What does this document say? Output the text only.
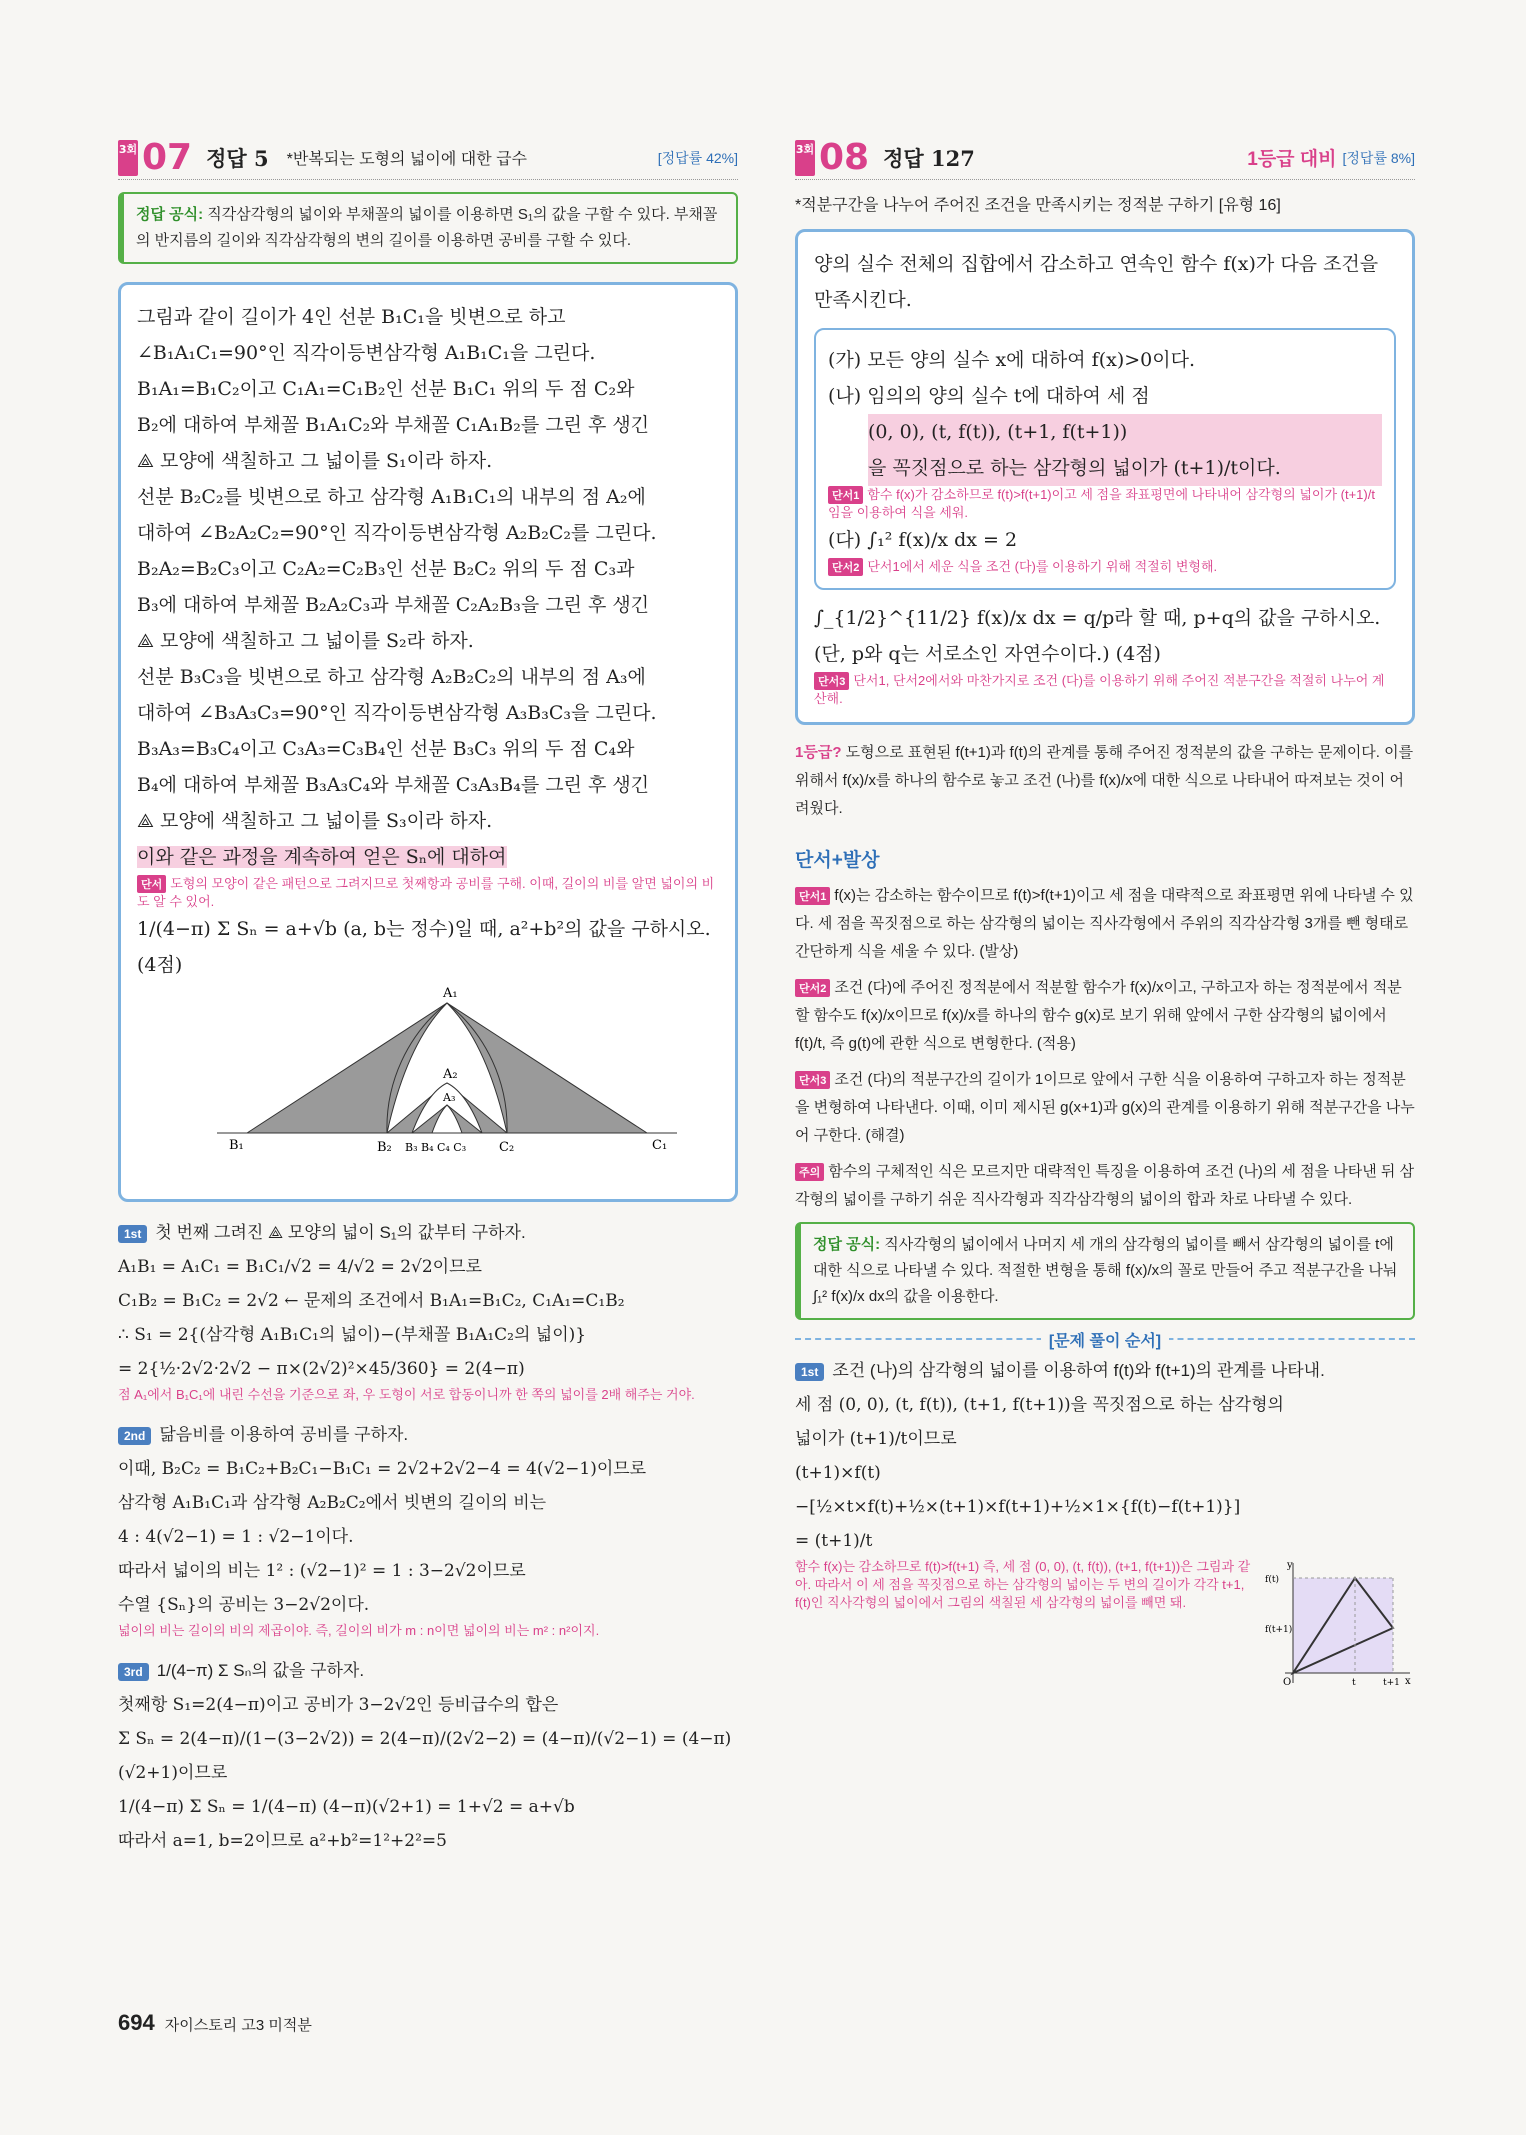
3회 07 정답 5 *반복되는 도형의 넓이에 대한 급수	[정답률 42%]
정답 공식: 직각삼각형의 넓이와 부채꼴의 넓이를 이용하면 S₁의 값을 구할 수 있다. 부채꼴의 반지름의 길이와 직각삼각형의 변의 길이를 이용하면 공비를 구할 수 있다.
그림과 같이 길이가 4인 선분 B₁C₁을 빗변으로 하고
∠B₁A₁C₁=90°인 직각이등변삼각형 A₁B₁C₁을 그린다.
B₁A₁=B₁C₂이고 C₁A₁=C₁B₂인 선분 B₁C₁ 위의 두 점 C₂와
B₂에 대하여 부채꼴 B₁A₁C₂와 부채꼴 C₁A₁B₂를 그린 후 생긴
⟁ 모양에 색칠하고 그 넓이를 S₁이라 하자.
선분 B₂C₂를 빗변으로 하고 삼각형 A₁B₁C₁의 내부의 점 A₂에
대하여 ∠B₂A₂C₂=90°인 직각이등변삼각형 A₂B₂C₂를 그린다.
B₂A₂=B₂C₃이고 C₂A₂=C₂B₃인 선분 B₂C₂ 위의 두 점 C₃과
B₃에 대하여 부채꼴 B₂A₂C₃과 부채꼴 C₂A₂B₃을 그린 후 생긴
⟁ 모양에 색칠하고 그 넓이를 S₂라 하자.
선분 B₃C₃을 빗변으로 하고 삼각형 A₂B₂C₂의 내부의 점 A₃에
대하여 ∠B₃A₃C₃=90°인 직각이등변삼각형 A₃B₃C₃을 그린다.
B₃A₃=B₃C₄이고 C₃A₃=C₃B₄인 선분 B₃C₃ 위의 두 점 C₄와
B₄에 대하여 부채꼴 B₃A₃C₄와 부채꼴 C₃A₃B₄를 그린 후 생긴
⟁ 모양에 색칠하고 그 넓이를 S₃이라 하자.
이와 같은 과정을 계속하여 얻은 Sₙ에 대하여
단서 도형의 모양이 같은 패턴으로 그려지므로 첫째항과 공비를 구해. 이때, 길이의 비를 알면 넓이의 비도 알 수 있어.
1/(4−π) Σ Sₙ = a+√b (a, b는 정수)일 때, a²+b²의 값을 구하시오. (4점)
A₁
A₂
A₃
B₁	B₂ B₃ B₄ C₄ C₃	C₂	C₁
1st 첫 번째 그려진 ⟁ 모양의 넓이 S₁의 값부터 구하자.
A₁B₁ = A₁C₁ = B₁C₁/√2 = 4/√2 = 2√2이므로
C₁B₂ = B₁C₂ = 2√2 ← 문제의 조건에서 B₁A₁=B₁C₂, C₁A₁=C₁B₂
∴ S₁ = 2{(삼각형 A₁B₁C₁의 넓이)−(부채꼴 B₁A₁C₂의 넓이)}
= 2{½·2√2·2√2 − π×(2√2)²×45/360} = 2(4−π)
점 A₁에서 B₁C₁에 내린 수선을 기준으로 좌, 우 도형이 서로 합동이니까 한 쪽의 넓이를 2배 해주는 거야.
2nd 닮음비를 이용하여 공비를 구하자.
이때, B₂C₂ = B₁C₂+B₂C₁−B₁C₁ = 2√2+2√2−4 = 4(√2−1)이므로
삼각형 A₁B₁C₁과 삼각형 A₂B₂C₂에서 빗변의 길이의 비는
4 : 4(√2−1) = 1 : √2−1이다.
따라서 넓이의 비는 1² : (√2−1)² = 1 : 3−2√2이므로
수열 {Sₙ}의 공비는 3−2√2이다.
넓이의 비는 길이의 비의 제곱이야. 즉, 길이의 비가 m : n이면 넓이의 비는 m² : n²이지.
3rd 1/(4−π) Σ Sₙ의 값을 구하자.
첫째항 S₁=2(4−π)이고 공비가 3−2√2인 등비급수의 합은
Σ Sₙ = 2(4−π)/(1−(3−2√2)) = 2(4−π)/(2√2−2) = (4−π)/(√2−1) = (4−π)(√2+1)이므로
1/(4−π) Σ Sₙ = 1/(4−π) (4−π)(√2+1) = 1+√2 = a+√b
따라서 a=1, b=2이므로 a²+b²=1²+2²=5
3회 08 정답 127	1등급 대비 [정답률 8%]
*적분구간을 나누어 주어진 조건을 만족시키는 정적분 구하기 [유형 16]
양의 실수 전체의 집합에서 감소하고 연속인 함수 f(x)가 다음 조건을 만족시킨다.
(가) 모든 양의 실수 x에 대하여 f(x)>0이다.
(나) 임의의 양의 실수 t에 대하여 세 점
(0, 0), (t, f(t)), (t+1, f(t+1))
을 꼭짓점으로 하는 삼각형의 넓이가 (t+1)/t이다.
단서1 함수 f(x)가 감소하므로 f(t)>f(t+1)이고 세 점을 좌표평면에 나타내어 삼각형의 넓이가 (t+1)/t임을 이용하여 식을 세워.
(다) ∫₁² f(x)/x dx = 2
단서2 단서1에서 세운 식을 조건 (다)를 이용하기 위해 적절히 변형해.
∫_{1/2}^{11/2} f(x)/x dx = q/p라 할 때, p+q의 값을 구하시오. (단, p와 q는 서로소인 자연수이다.) (4점)
단서3 단서1, 단서2에서와 마찬가지로 조건 (다)를 이용하기 위해 주어진 적분구간을 적절히 나누어 계산해.
1등급? 도형으로 표현된 f(t+1)과 f(t)의 관계를 통해 주어진 정적분의 값을 구하는 문제이다. 이를 위해서 f(x)/x를 하나의 함수로 놓고 조건 (나)를 f(x)/x에 대한 식으로 나타내어 따져보는 것이 어려웠다.
단서+발상
단서1 f(x)는 감소하는 함수이므로 f(t)>f(t+1)이고 세 점을 대략적으로 좌표평면 위에 나타낼 수 있다. 세 점을 꼭짓점으로 하는 삼각형의 넓이는 직사각형에서 주위의 직각삼각형 3개를 뺀 형태로 간단하게 식을 세울 수 있다. (발상)
단서2 조건 (다)에 주어진 정적분에서 적분할 함수가 f(x)/x이고, 구하고자 하는 정적분에서 적분할 함수도 f(x)/x이므로 f(x)/x를 하나의 함수 g(x)로 보기 위해 앞에서 구한 삼각형의 넓이에서 f(t)/t, 즉 g(t)에 관한 식으로 변형한다. (적용)
단서3 조건 (다)의 적분구간의 길이가 1이므로 앞에서 구한 식을 이용하여 구하고자 하는 정적분을 변형하여 나타낸다. 이때, 이미 제시된 g(x+1)과 g(x)의 관계를 이용하기 위해 적분구간을 나누어 구한다. (해결)
주의 함수의 구체적인 식은 모르지만 대략적인 특징을 이용하여 조건 (나)의 세 점을 나타낸 뒤 삼각형의 넓이를 구하기 쉬운 직사각형과 직각삼각형의 넓이의 합과 차로 나타낼 수 있다.
정답 공식: 직사각형의 넓이에서 나머지 세 개의 삼각형의 넓이를 빼서 삼각형의 넓이를 t에 대한 식으로 나타낼 수 있다. 적절한 변형을 통해 f(x)/x의 꼴로 만들어 주고 적분구간을 나눠 ∫₁² f(x)/x dx의 값을 이용한다.
[문제 풀이 순서]
1st 조건 (나)의 삼각형의 넓이를 이용하여 f(t)와 f(t+1)의 관계를 나타내.
세 점 (0, 0), (t, f(t)), (t+1, f(t+1))을 꼭짓점으로 하는 삼각형의
넓이가 (t+1)/t이므로
(t+1)×f(t)
−[½×t×f(t)+½×(t+1)×f(t+1)+½×1×{f(t)−f(t+1)}]
= (t+1)/t
함수 f(x)는 감소하므로 f(t)>f(t+1) 즉, 세 점 (0, 0), (t, f(t)), (t+1, f(t+1))은 그림과 같아. 따라서 이 세 점을 꼭짓점으로 하는 삼각형의 넓이는 두 변의 길이가 각각 t+1, f(t)인 직사각형의 넓이에서 그림의 색칠된 세 삼각형의 넓이를 빼면 돼.
y
x
O
f(t)
f(t+1)
t	t+1
694 자이스토리 고3 미적분
